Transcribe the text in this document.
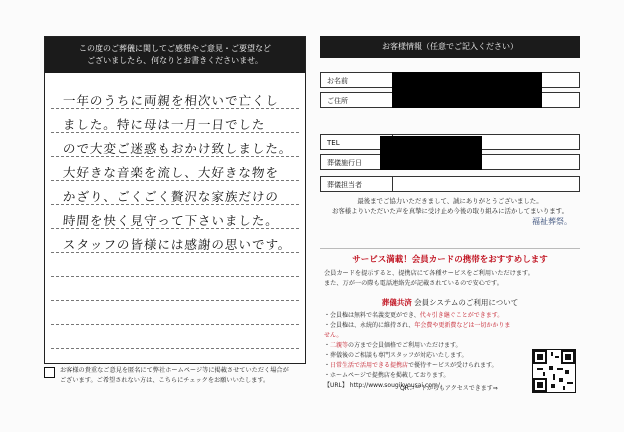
この度のご葬儀に関してご感想やご意見・ご要望など
ございましたら、何なりとお書きくださいませ。
一年のうちに両親を相次いで亡くし
ました。特に母は一月一日でした
ので大変ご迷惑もおかけ致しました。
大好きな音楽を流し、大好きな物を
かざり、ごくごく贅沢な家族だけの
時間を快く見守って下さいました。
スタッフの皆様には感謝の思いです。
お客様の貴重なご意見を匿名にて弊社ホームページ等に掲載させていただく場合が
ございます。ご希望されない方は、こちらにチェックをお願いいたします。
お客様情報（任意でご記入ください）
お名前
ご住所
TEL
葬儀施行日
葬儀担当者
最後までご協力いただきまして、誠にありがとうございました。
お客様よりいただいた声を真摯に受け止め今後の取り組みに活かしてまいります。
福祉葬祭。
サービス満載！会員カードの携帯をおすすめします
会員カードを提示すると、提携店にて各種サービスをご利用いただけます。
また、万が一の際も電話連絡先が記載されているので安心です。
葬儀共済 会員システムのご利用について
・会員権は無料で名義変更ができ、代々引き継ぐことができます。
・会員権は、永続的に維持され、年会費や更新費などは一切かかりません。
・二親等の方まで会員価格でご利用いただけます。
・葬儀後のご相談も専門スタッフが対応いたします。
・日常生活で活用できる提携店で優待サービスが受けられます。
・ホームページで提携店を掲載しております。
【URL】 http://www.sougikyousai.com/
QRコードからもアクセスできます⇒
